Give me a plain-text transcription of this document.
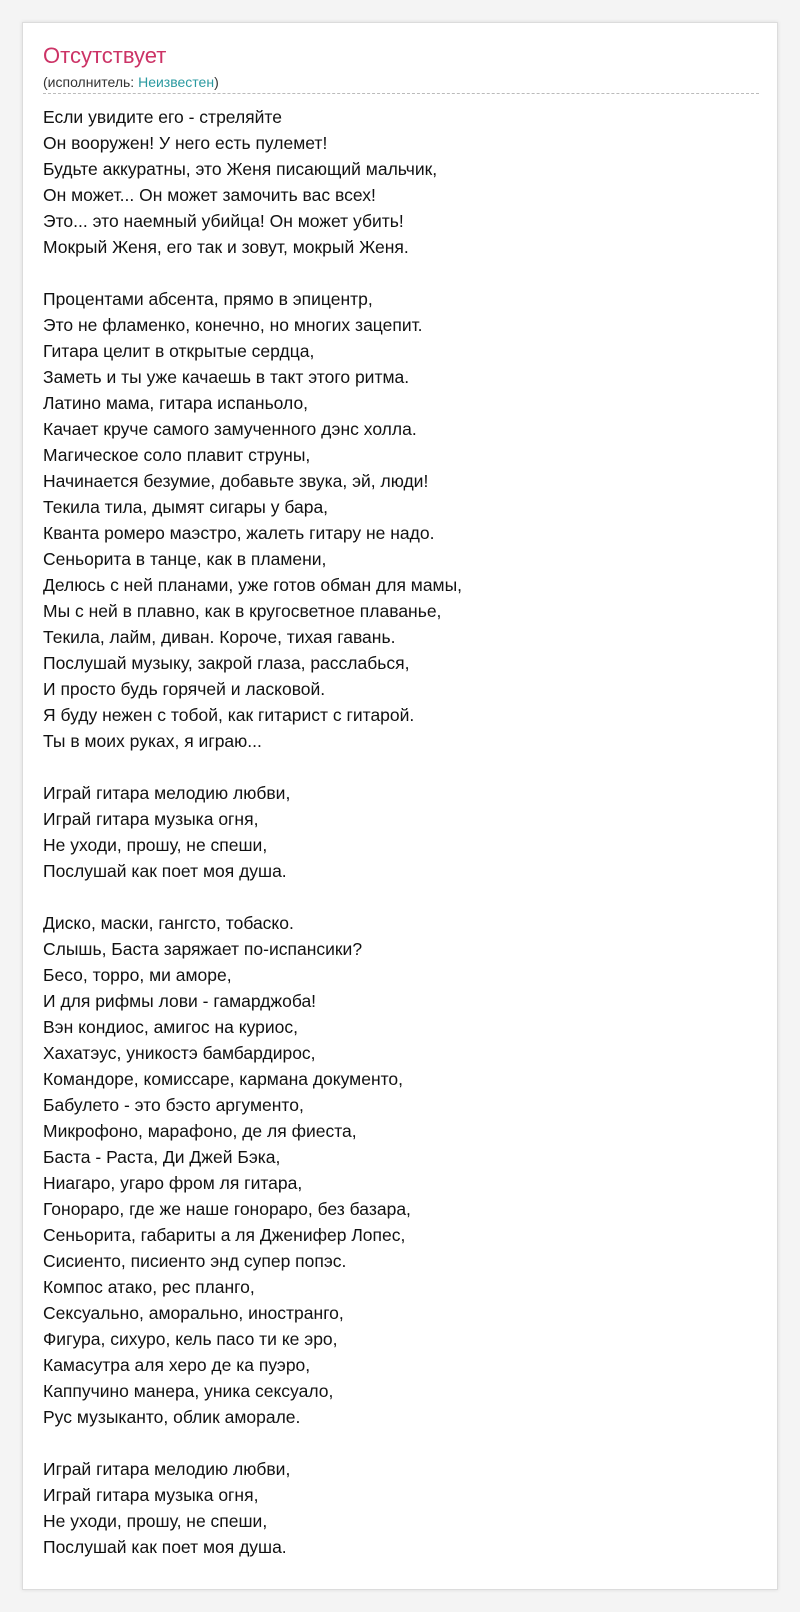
Отсутствует
(исполнитель: Неизвестен)
Если увидите его - стреляйте
Он вооружен! У него есть пулемет!
Будьте аккуратны, это Женя писающий мальчик,
Он может... Он может замочить вас всех!
Это... это наемный убийца! Он может убить!
Мокрый Женя, его так и зовут, мокрый Женя.

Процентами абсента, прямо в эпицентр,
Это не фламенко, конечно, но многих зацепит.
Гитара целит в открытые сердца,
Заметь и ты уже качаешь в такт этого ритма.
Латино мама, гитара испаньоло,
Качает круче самого замученного дэнс холла.
Магическое соло плавит струны,
Начинается безумие, добавьте звука, эй, люди!
Текила тила, дымят сигары у бара,
Кванта ромеро маэстро, жалеть гитару не надо.
Сеньорита в танце, как в пламени,
Делюсь с ней планами, уже готов обман для мамы,
Мы с ней в плавно, как в кругосветное плаванье,
Текила, лайм, диван. Короче, тихая гавань.
Послушай музыку, закрой глаза, расслабься,
И просто будь горячей и ласковой.
Я буду нежен с тобой, как гитарист с гитарой.
Ты в моих руках, я играю...

Играй гитара мелодию любви,
Играй гитара музыка огня,
Не уходи, прошу, не спеши,
Послушай как поет моя душа.

Диско, маски, гангсто, тобаско.
Слышь, Баста заряжает по-испансики?
Бесо, торро, ми аморе,
И для рифмы лови - гамарджоба!
Вэн кондиос, амигос на куриос,
Хахатэус, уникостэ бамбардирос,
Командоре, комиссаре, кармана документо,
Бабулето - это бэсто аргументо,
Микрофоно, марафоно, де ля фиеста,
Баста - Раста, Ди Джей Бэка,
Ниагаро, угаро фром ля гитара,
Гонораро, где же наше гонораро, без базара,
Сеньорита, габариты а ля Дженифер Лопес,
Сисиенто, писиенто энд супер попэс.
Компос атако, рес планго,
Сексуально, аморально, иностранго,
Фигура, сихуро, кель пасо ти ке эро,
Камасутра аля херо де ка пуэро,
Каппучино манера, уника сексуало,
Рус музыканто, облик аморале.

Играй гитара мелодию любви,
Играй гитара музыка огня,
Не уходи, прошу, не спеши,
Послушай как поет моя душа.
